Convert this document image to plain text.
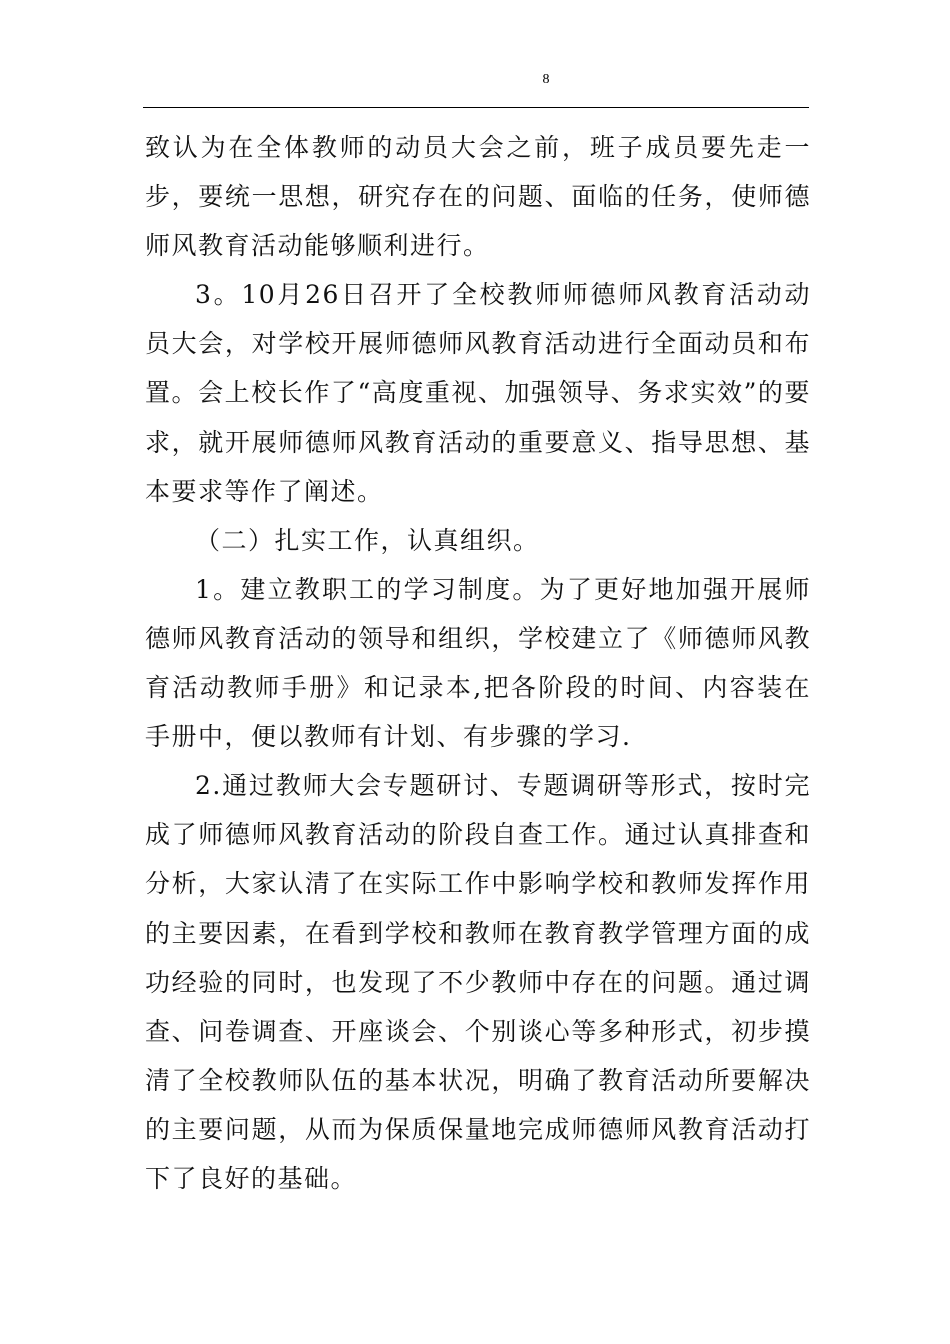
8

致认为在全体教师的动员大会之前，班子成员要先走一步，要统一思想，研究存在的问题、面临的任务，使师德师风教育活动能够顺利进行。

3。10月26日召开了全校教师师德师风教育活动动员大会，对学校开展师德师风教育活动进行全面动员和布置。会上校长作了“高度重视、加强领导、务求实效”的要求，就开展师德师风教育活动的重要意义、指导思想、基本要求等作了阐述。

（二）扎实工作，认真组织。

1。建立教职工的学习制度。为了更好地加强开展师德师风教育活动的领导和组织，学校建立了《师德师风教育活动教师手册》和记录本,把各阶段的时间、内容装在手册中，便以教师有计划、有步骤的学习.

2.通过教师大会专题研讨、专题调研等形式，按时完成了师德师风教育活动的阶段自查工作。通过认真排查和分析，大家认清了在实际工作中影响学校和教师发挥作用的主要因素，在看到学校和教师在教育教学管理方面的成功经验的同时，也发现了不少教师中存在的问题。通过调查、问卷调查、开座谈会、个别谈心等多种形式，初步摸清了全校教师队伍的基本状况，明确了教育活动所要解决的主要问题，从而为保质保量地完成师德师风教育活动打下了良好的基础。
